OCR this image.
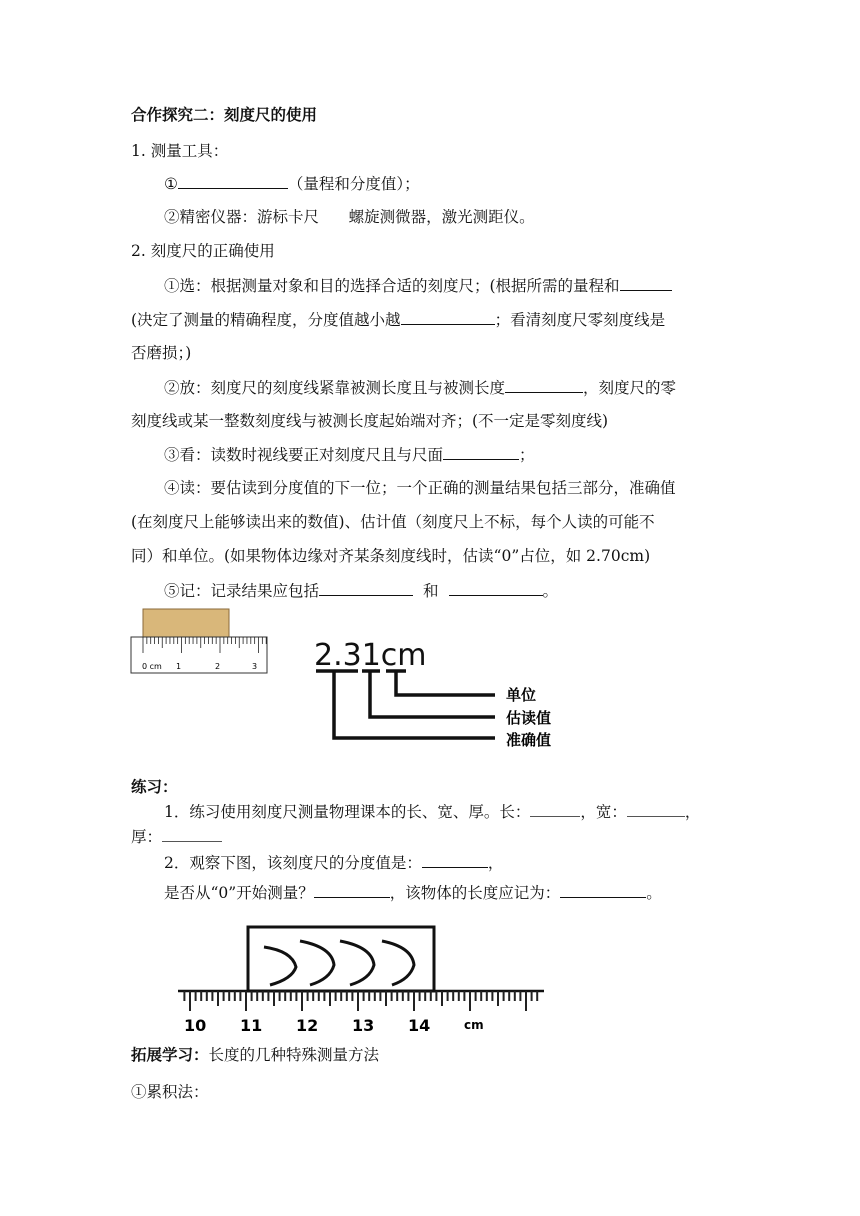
合作探究二：刻度尺的使用
1. 测量工具：
①	（量程和分度值）；
②精密仪器：游标卡尺      螺旋测微器，激光测距仪。
2. 刻度尺的正确使用
①选：根据测量对象和目的选择合适的刻度尺；(根据所需的量程和
(决定了测量的精确程度，分度值越小越	；看清刻度尺零刻度线是
否磨损；)
②放：刻度尺的刻度线紧靠被测长度且与被测长度	，刻度尺的零
刻度线或某一整数刻度线与被测长度起始端对齐；(不一定是零刻度线)
③看：读数时视线要正对刻度尺且与尺面	；
④读：要估读到分度值的下一位；一个正确的测量结果包括三部分，准确值
(在刻度尺上能够读出来的数值)、估计值（刻度尺上不标，每个人读的可能不
同）和单位。(如果物体边缘对齐某条刻度线时，估读“0”占位，如 2.70cm)
⑤记：记录结果应包括	和	。
0 cm 1	2	3 2.31cm
单位
估读值
准确值
练习：
1．练习使用刻度尺测量物理课本的长、宽、厚。长：	，宽：	，
厚：
2．观察下图，该刻度尺的分度值是：	，
是否从“0”开始测量？	，该物体的长度应记为：	。
10 11 12 13 14	cm
拓展学习：长度的几种特殊测量方法
①累积法：
